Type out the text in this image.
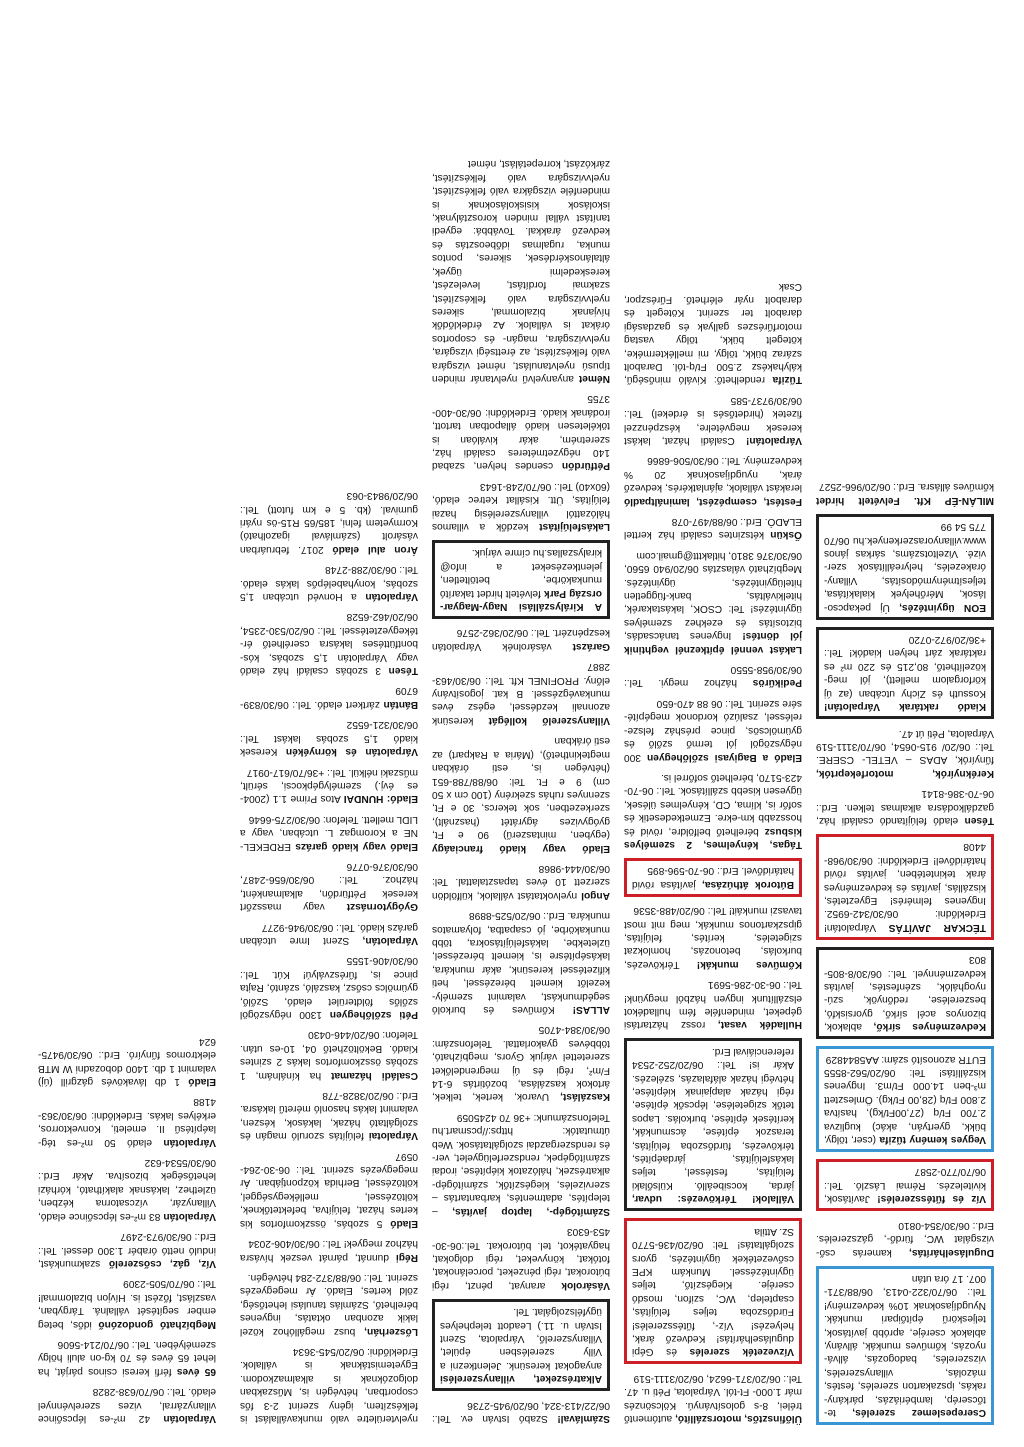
Cserepeslemez szerelés, tetőcserép, lambériázás, párkányrakás, ipszakarton szerelés, festés, mázolás, villanyszerelés, vizszerelés, badogozás, állványozás, kőműves munkák, állvány, ablakok cseréje, apróbb javítások, teljeskörű építőipari munkák. Nyugdíjasoknak 10% kedvezmény! Tel.: 06/70/322-0413, 06/88/371-007. 17 óra után
Duguláselhárítás, kamerás csővizsgálat WC, fürdő-, gázszerelés. Erd.: 06/30/354-0810
Víz és fűtésszerelés! Javítások, kivitelezés. Rémai László. Tel.: 06/70/770-2587
Vegyes kemény tűzifa (cser, tölgy, bükk, gyertyán, akác) kuglizva 2.700 Ft/q (27,00Ft/kg), hasítva 2.800 Ft/q (28,00 Ft/kg). Ömlesztett m³-ben 14.000 Ft/m3. Ingyenes kiszállítás! Tel: 06/20/562-8555 EUTR azonosító szám: AA5844829
Kedvezményes sírkő, ablakok, bizonyos acél sírkő, gyorsiskfó, beszerelése, redőnyök, szúnyoghálók, szénfestés, javítás kedvezménnyel. Tel.: 06/30/8-805-803
TÉCKAR JAVÍTÁS Várpalotán! Erdeklődni: 06/30/342-6952. Ingyenes felmérés! Egyeztetés, kiszállás, javítás és kedvezményes árak tekintetében, javítás rövid határidővel! Erdeklődni: 06/30/968-4408
Tésen eladó felújítandó családi ház, gazdálkodásra alkalmas telken. Erd.: 06-70-386-8141
Keréknyírók, motorfekeprtók, fűnyírók, ADAS – VETEL- CSERE. Tel.: 06/20/ 915-0654, 06/70/3111-519 Várpalota, Péti út 47.
Kiadó raktárak Várpalotán! Kossuth és Zichy utcában (az új körforgalom mellett), jól megközelíthető, 80,215 és 220 m² es raktárak zárt helyen kiadók! Tel.: +36/20/972-0720
EON ügyintézés, Új pekapcsolások, Mérőhelyek kialakítása, teljesítménymódosítás, Villanyórakezelés, helyreállítások szervizé. Vizeltotszáms, sárkas jános www.villanyoraszerkenyek.hu 06/70 775 54 99
MILÁN-ÉP Kft. Felvételt hirdet kőműves állásra. Erd.: 06/20/966-2527
Ülőfinsztős, motorszállító, autómentő trélei, 8-s golosítványú. Kölcsönzés már 1.000- Ft-tól. Várpalota, Péti u. 47. Tel.: 06/20/371-6624, 06/20/3111-519
Vízvezeték szerelés és Gépi duguláselhárítás! Kedvező árak, helyezés! Víz-, fűtésszerelés! Fürdőszoba teljes felújítás, csaptelep, WC, szifon, mosdó cseréje. Kiegészítő, teljes ügyintézéssel. Munkám KPE csővezetékek ügyintézés, gyors szolgáltatás! Tel: 06/20/436-5770 Sz. Attila
Vállalok! Térkövezés: udvar, járda, kocsibeálló. Külsőlaki felújítás, festéssel, teljes lakásfelújítás, járdaépítés, térkövezés, fürdőszoba felújítás, teraszok építése, ácsmunkák, kerítések építése, burkolás. Lapos tetők szigetelése, lépcsők építése, régi házak alapjainak kiépítése, hétvégi házak aláfalazás, szélezés. Akár is! Tel.: 06/20/252-2534 referenciáival Erd.
Hulladék vasat, rossz háztartási gépeket, mindenféle fém hulladékot elszállítunk ingyen házból megyünk! Tel.: 06-30-286-5691
Kőműves munkák! Térkövezés, burkolás, betonozás, homlokzat szigetelés, kerítés, felújítás, gipszkartonos munkák, meg mit most tavaszi munkáit! Tel.: 06/20/488-3536
Bútorok áthúzása, javítása rövid határidővel. Erd.: 06-70-596-895
Tágas, kényelmes, 2 személyes kisbusz bérelhető belföldre, rövid és hosszabb km-ekre. Ezmetkedesetik és sofőr is, klíma, CD, kényelmes ülések, ügyesen kisebb szállítások. Tel.: 06-70-423-5170, bérelhető sofőrrel is.
Eladó a Bagiyasi szőlőhegyen 300 négyszögöl jól termő szőlő és gyümölcsös, pince présház felszereléssel, zsalúzó kordonok megépítésére szerint. Tel.: 06 88 470-650
Pedikűrös házhoz megyi. Tel.: 06/30/958-5550
Lakást vennél építkeznél veghtinik jól döntés! Ingyenes tanácsadás, biztosítás és ezekhez személyes ügyintézés! Tel: CSOK, lakástakarék, hitelkiváltás, bank-független hitelügyintézés, ügyintézés. Megbízható választás 06/20/940 6560, 06/30/376 3810, hitlakttt@gmail.com
Őskün kétszintes családi ház kerttel ELADÓ. Erd.: 06/88/497-078
Festést, csempézést, lamináltpadló lerakást vállalok, ajánlatkérés, kedvező árak, nyugdíjasoknak 20 % kedvezmény. Tel.: 06/30/506-6866
Várpalotán! Családi házat, lakást keresek megvételre, készpénzzel fizetek (hirdetősés is érdekel) Tel.: 06/30/9737-585
Tűzifa rendelhető: Kiváló minőségű, kályhakész 2.500 Ft/q-tól. Darabolt száraz bükk, tölgy, mi mellékterméke, kötegelt bükk, tölgy vastag motorfűrészes gallyak és gazdasági darabolt ter szerint. Kötegelt és darabolt nyár elérhető. Fűrészpor, Csak
Számlával! Szabó István ev. Tel.: 06/22/413-324, 06/20/945-2736
Alkatrészeket, villanyszerelési anyagokat keresünk. Jelentkezni a Villy szerelésben épület, Villanyszerelő, Várpalota, Szent István u. 11.) Leadott telephelyes ügyfélszolgálat. Tel.
Vásárolok aranyat, pénzt, régi bútorokat, régi pénzeket, porcelánokat, fotókat, könyveket, régi dolgokat, hagyatékot, tel. bútorokat. Tel.:06-30-453-6303
Számítógép-, laptop javítás, – telepítés, adatmentés, karbantartás – szervizelés, kiegészítők, számítógép- alkatrészek, hálózatok kiépítése, irodai számítógépek, rendszerfelügyelet, ver- és rendszergazdai szolgáltatások. Web útmutatók: https://pcsmart.hu Telefonszámunk: +36 70 4245059
Kaszálást, Uvarok, kertek, telkek, ártokok kaszálása, bozótirtás 6-14 F/m², régi és új megrendelőket szeretettel várjuk Gyors, megbízható, többéves gyakorlattal. Telefonszám: 06/30/384-4705
ALLAS! Kőműves és burkoló segédmunkást, valamint személykezelőt kiemelt bérezéssel, heti kifizetéssel keresünk, akár munkára, lakásépítésre is, kiemelt bérezéssel, üzletekbe, lakásfelújításokra, több munkakörbe, jó csapatba, folyamatos munkára. Erd.: 06/20/525-8898
Angol nyelvoktatást vállalok, külföldön szerzett 10 éves tapasztalattal. Tel: 06/30/444-9868
Eladó vagy kiadó franciaágy (egyben, mintaszerű) 90 e Ft, gyógyvizes ágyrátét (használt), szerkezetben, sok tekercs, 30 e Ft, szennyes ruhás szekrény (100 cm x 50 cm) 9 e Ft. Tel: 06/88/788-651 (hétvégen is, esti órákban megtekinthető), (Mária a Rakpart) az esti órákban
Villanyszerelő kollégát keresünk azonnali kezdéssel, egész éves munkavégzéssel. B kat. jogosítvány előny. PROFINEL Kft. Tel.: 06/30/463-2887
Garázst vásárolnék Várpalotán keszpénzért. Tel.: 06/20/362-2576
A Királyszállási Nagy-Magyarország Park felvételt hirdet takarító munkakörbe, betöltetlen, jelentkezéseket a info@ kiralyszallas.hu címre várjuk.
Lakásfelújítást kezdők a villamos hálózattól villanyszerelésig hazai felújítás, Ütt. Kisállat Ketrec eladó, (60x40) Tel.: 06/70/248-1643
Pétfürdőn csendes helyen, szabad 140 négyzetméteres családi ház, szeretném, akár kiválóan is tökéletesen kiadó állapotban tartott, irodának kiadó. Erdeklődni: 06/30-400-3755
Német anyanyelvű nyelvtanár minden típusú nyelvtanulást, német vizsgára való felkészítést, az érettségi vizsgára, nyelvvizsgára, magán- és csoportos órákat is vállalok. Az érdeklődők hívjanak bizalommal, sikeres nyelvvizsgára való felkészítést, szakmai fordítást, levelezést, kereskedelmi ügyek, általánoskérdések, sikeres, pontos munka, rugalmas időbeosztás és kedvező árakkal. Továbbá: egyedi tanítást vállal minden korosztálynak, iskolások kisiskolásoknak is mindenféle vizsgákra való felkészítést, nyelvvizsgára való felkészítést, zárkózást, korrepetálást, német
nyelvterületre való munkavállalást is felkészítem, igény szerint 2-3 fős csoportban, hétvégén is, Műszakban dolgozóknak is alkalmazkodom. Egyetemistáknak is vállalok. Érdeklődni: 06/20/545-3634
Lőszerhán, busz megállóhoz közel lakik azonban oktatás, ingyenes bérelhető, Számlás tanulási lehetőség, zöld kertes, Eladó. Ár megegyezés szerint. Tel.: 06/88/372-284 hétvégén.
Régi dunnát, párnát veszek hívásra házhoz megyek! Tel.: 06/30/406-2034
Eladó 5 szobás, összkomfortos kis kertes házat, felújítva, befektetőknek, költözéssel, mellékegységgel, költözéssel, Berhida központjában. Ár megegyezés szerint. Tel.: 06-30-264-0597
Várpalotai felújítás szoruló magán és szolgáltató házak, lakások, készen, valamint lakás hasonló méretű lakásra. Erd.: 06/20/3828-778
Családi házamat ha kínálnám, 1 szobás összkomfortos lakás 2 szintes Kiadó. Beköltözhető 04, 10-es után. Telefon: 06/20/446-0430
Péti szőlőhegyen 1300 négyszögöl szőlős földterület eladó, Szőlő, gyümölcs csősz, kaszáló, szántó, Rajta pince is, fűrészvályú! Kút. Tel.: 06/30/406-1555
Várpalotán, Szent Imre utcában garázs kiadó. Tel.: 06/30/946-9277
Gyógytornászt vagy masszőrt keresek Pétfürdőn, alkalmanként, házhoz. Tel.: 06/30/656-2487, 06/30/376-0776
Eladó vagy kiadó garázs ERDEKELNE a Koromgaz L. utcában, vagy a LIDL mellett. Telefon: 06/30/275-6646
Eladó: HUNDAI Atos Prime 1.1 (2004-es évj.) személygépkocsi, sérült, műszaki nélkül. Tel.: +36/70/617-0917
Várpalotán és környékén Keresek kiadó 1,5 szobás lakást Tel.: 06/30/321-6552
Bántán zártkert eladó. Tel.: 06/30/839-6709
Tésen 3 szobás családi ház eladó vagy Várpalotán 1,5 szobás, kósbontfüttéses lakásra cserélhető értékegyeztetéssel. Tel.: 06/20/530-2354, 06/20/462-6528
Várpalotán a Honvéd utcában 1,5 szobás, konyhabelépős lakás eladó. Tel.: 06/30/288-2748
Áron alul eladó 2017. februárban vásárolt (számlával igazolható) Kormyetem felni, 185/65 R15-ös nyári gumival. (kb. 5 e km futott) Tel.: 06/20/9843-063
Várpalotán 42 m²-es lépcsőince villanyzárral, vizes szerelvénnyel eladó. Tel.: 06/70/638-2828
65 éves férfi keresi csinos párját, ha lehet 65 éves és 70 kg-on aluli hölgy személyében. Tel.: 06/70/214-5606
Megbízható gondozónő idős, beteg ember segítését vállalná. Tárgyban, vaszlást, főzést is. Hívjon bizalommal! Tel.: 06/70/505-2309
Víz, gáz, csőszerelő szakmunkást, induló nettó órabér 1.300 dessel. Tel.: Erd.: 06/30/973-2497
Várpalotán 83 m²-es lépcsőince eladó, Villanyzár, vízcsatorna kézben, üzlethez, lakásnak alakítható, kórházi lehetőségek bizosítva. Akár Erd.: 06/30/5534-632
Várpalotán eladó 50 m²-es téglaépítésű II. emeleti, Konvektorros, erkélyes lakás. Erdeklődni: 06/30/363-4188
Eladó 1 db lávakövés gázgrill (új) valamint 1 db. 1400 dobozadni W MTB elektromos fűnyíró. Erd.: 06/30/9475-624
